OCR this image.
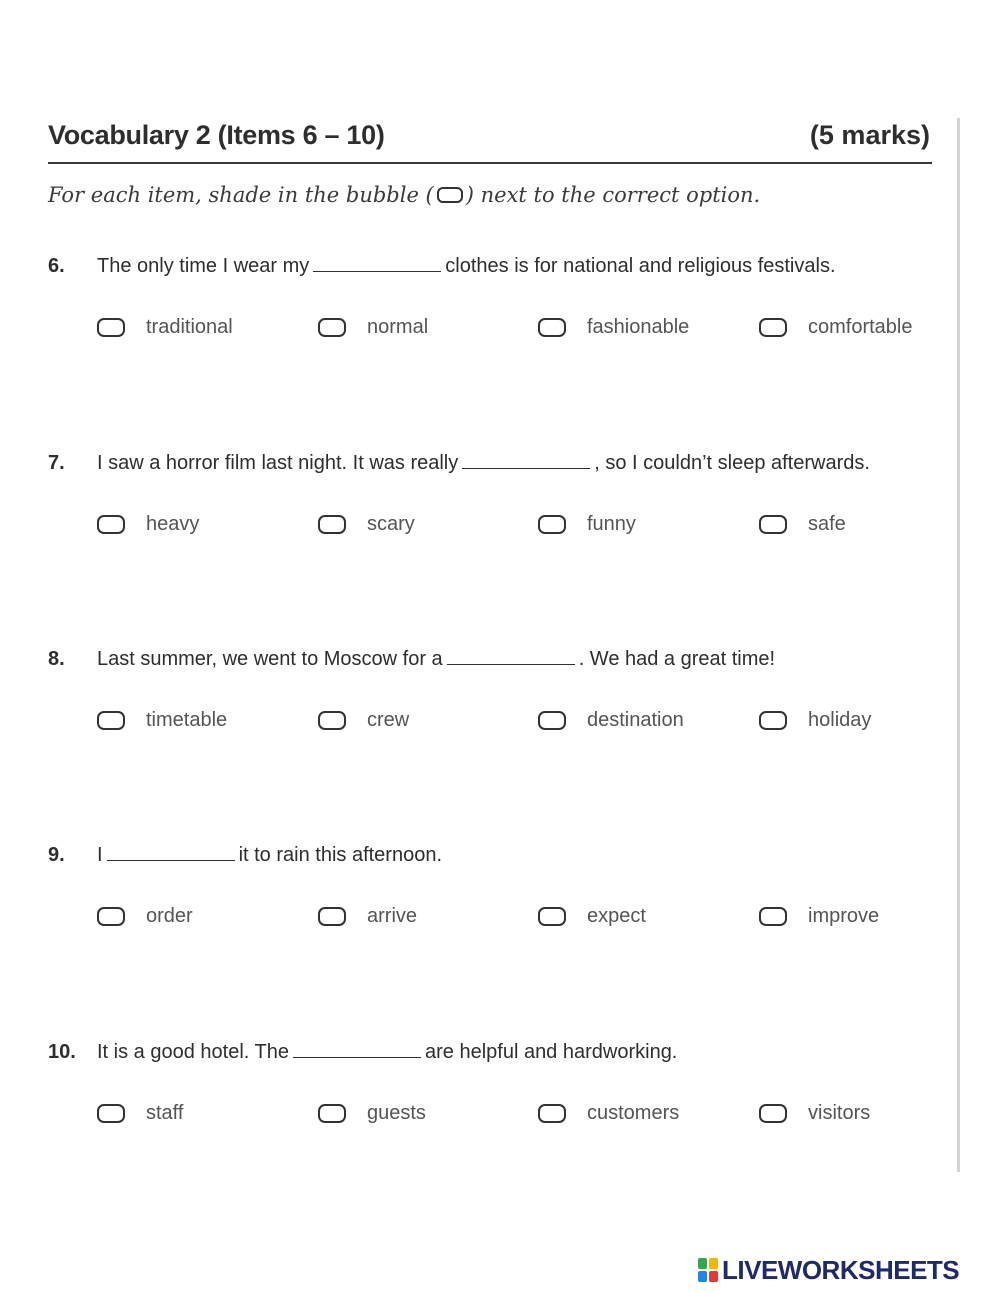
Vocabulary 2 (Items 6 – 10)	(5 marks)
For each item, shade in the bubble ( ) next to the correct option.
6. The only time I wear my	clothes is for national and religious festivals.
traditional	normal	fashionable	comfortable
7. I saw a horror film last night. It was really	, so I couldn’t sleep afterwards.
heavy	scary	funny	safe
8. Last summer, we went to Moscow for a	. We had a great time!
timetable	crew	destination	holiday
9. I	it to rain this afternoon.
order	arrive	expect	improve
10. It is a good hotel. The	are helpful and hardworking.
staff	guests	customers	visitors
LIVEWORKSHEETS
